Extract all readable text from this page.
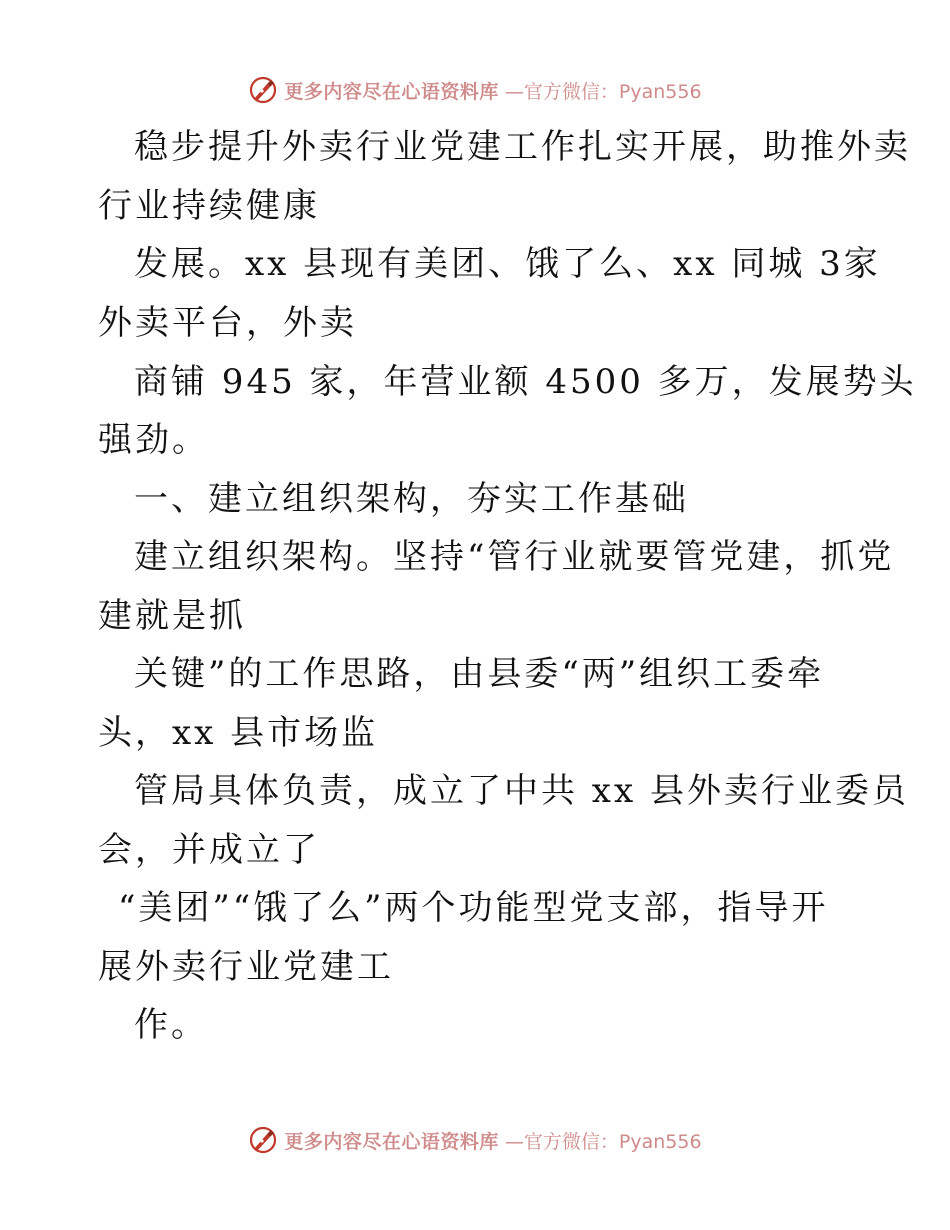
更多内容尽在心语资料库 —官方微信：Pyan556
稳步提升外卖行业党建工作扎实开展，助推外卖
行业持续健康
发展。xx 县现有美团、饿了么、xx 同城 3家
外卖平台，外卖
商铺 945 家，年营业额 4500 多万，发展势头
强劲。
一、建立组织架构，夯实工作基础
建立组织架构。坚持“管行业就要管党建，抓党
建就是抓
关键”的工作思路，由县委“两”组织工委牵
头，xx 县市场监
管局具体负责，成立了中共 xx 县外卖行业委员
会，并成立了
“美团”“饿了么”两个功能型党支部，指导开
展外卖行业党建工
作。
更多内容尽在心语资料库 —官方微信：Pyan556
